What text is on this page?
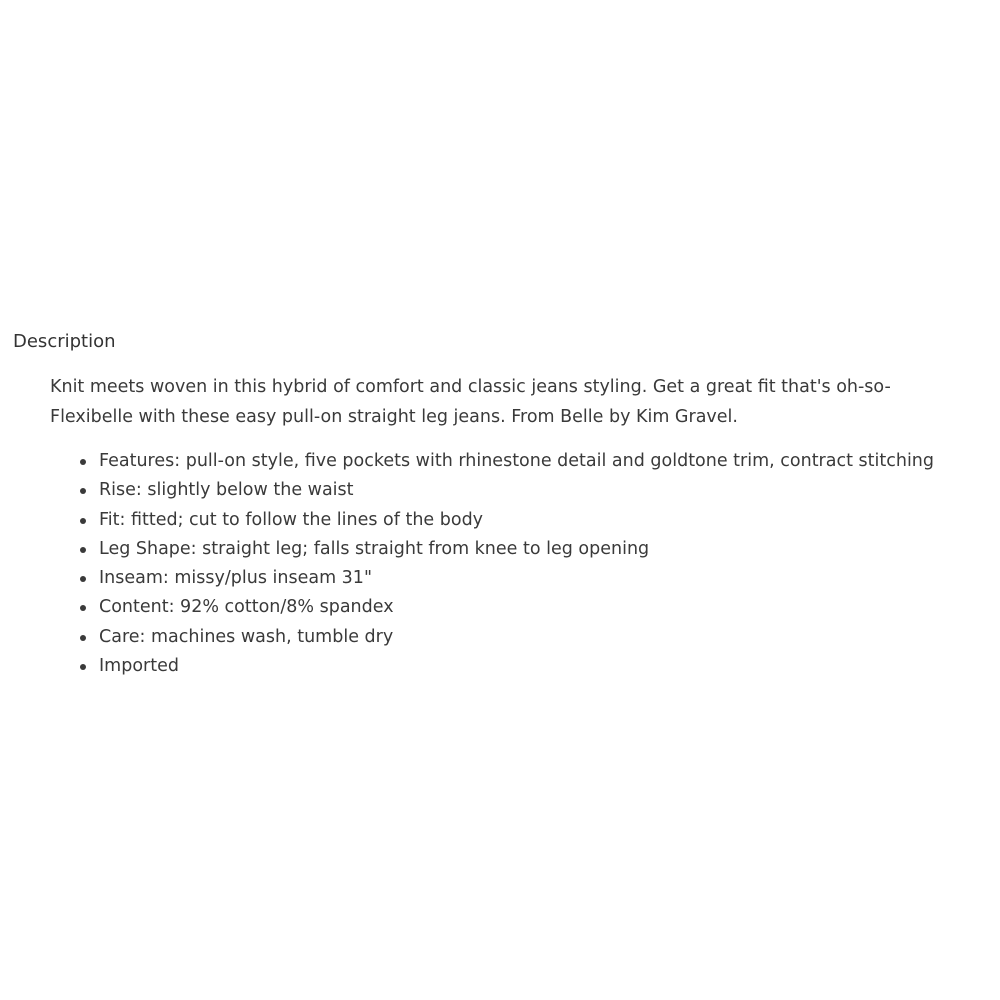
Description

Knit meets woven in this hybrid of comfort and classic jeans styling. Get a great fit that's oh-so-
Flexibelle with these easy pull-on straight leg jeans. From Belle by Kim Gravel.

Features: pull-on style, five pockets with rhinestone detail and goldtone trim, contract stitching
Rise: slightly below the waist
Fit: fitted; cut to follow the lines of the body
Leg Shape: straight leg; falls straight from knee to leg opening
Inseam: missy/plus inseam 31"
Content: 92% cotton/8% spandex
Care: machines wash, tumble dry
Imported
